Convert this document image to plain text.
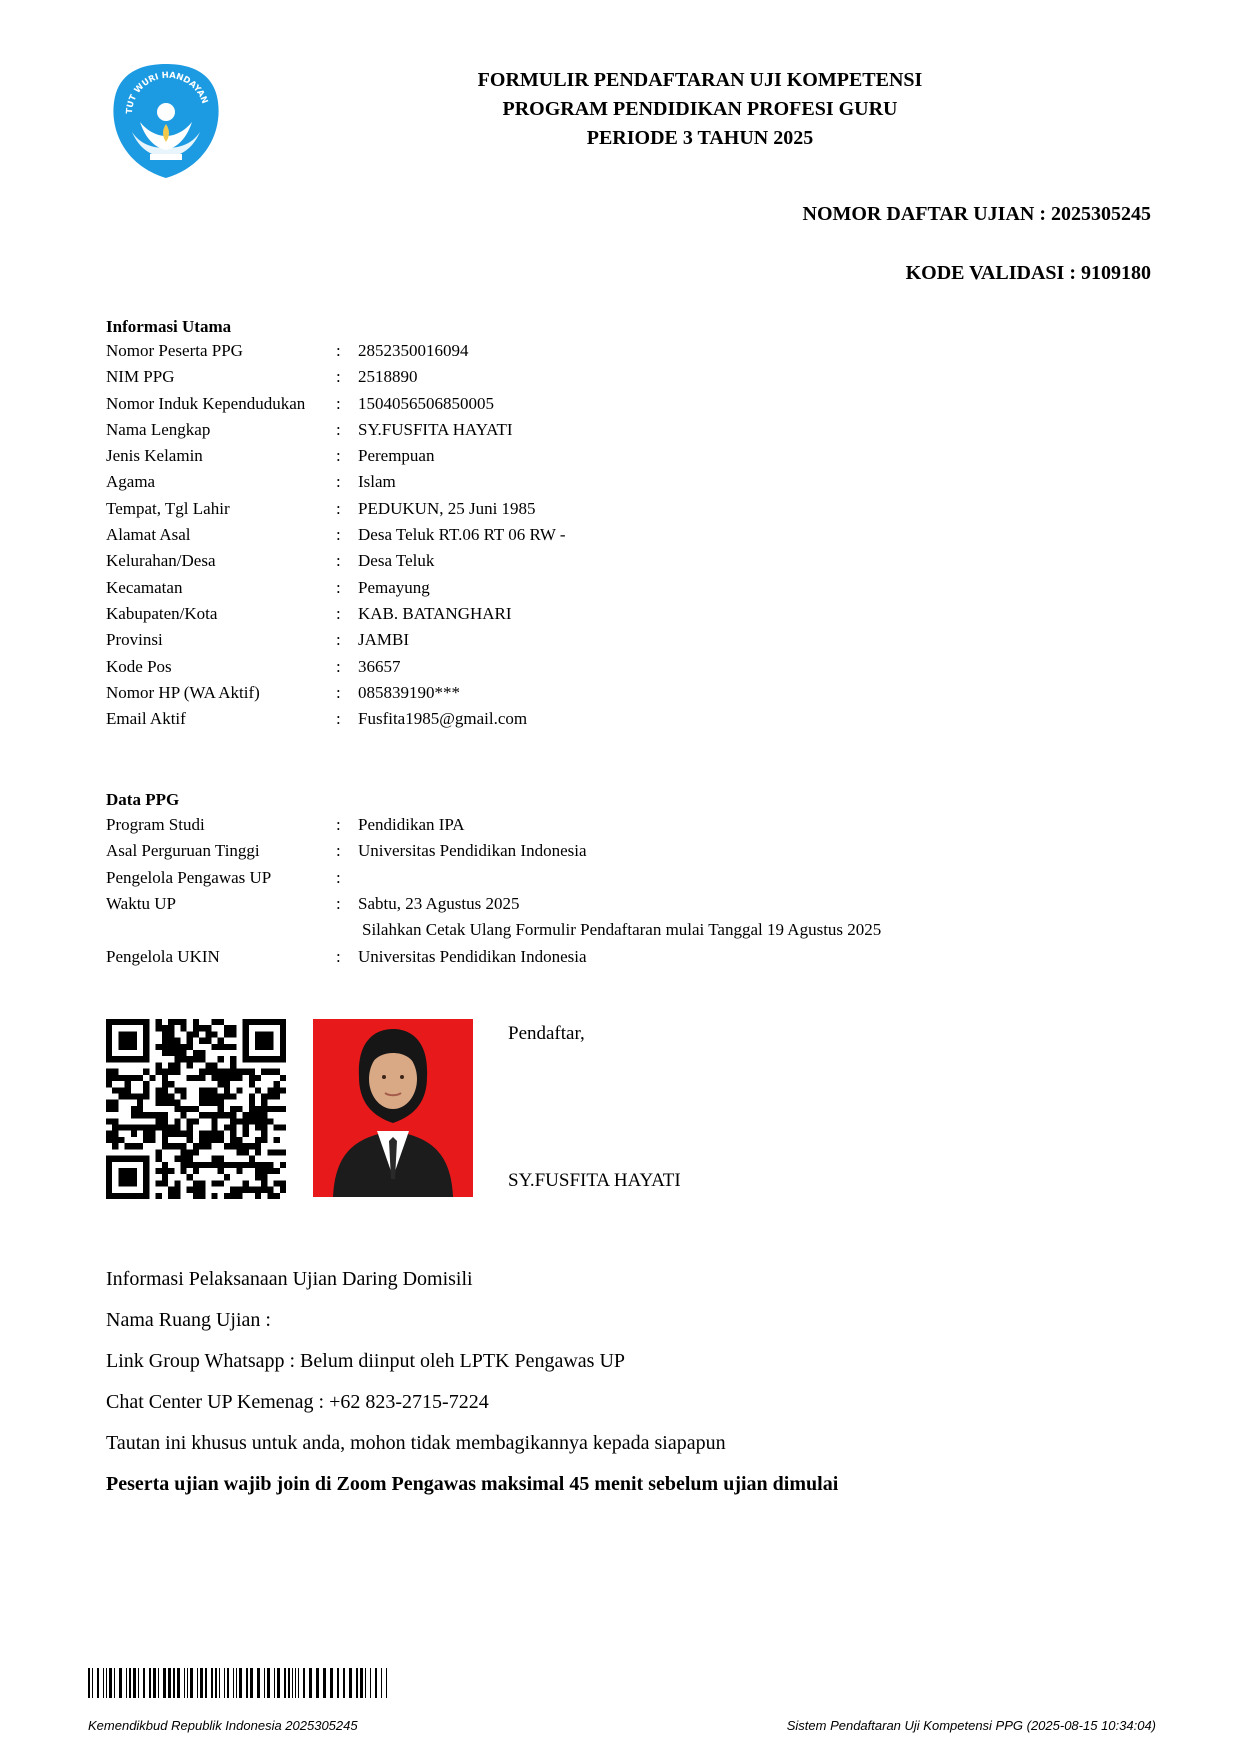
TUT WURI HANDAYAN
FORMULIR PENDAFTARAN UJI KOMPETENSI
PROGRAM PENDIDIKAN PROFESI GURU
PERIODE 3 TAHUN 2025
NOMOR DAFTAR UJIAN : 2025305245
KODE VALIDASI : 9109180
Informasi Utama
Nomor Peserta PPG	: 2852350016094
NIM PPG	: 2518890
Nomor Induk Kependudukan : 1504056506850005
Nama Lengkap	: SY.FUSFITA HAYATI
Jenis Kelamin	: Perempuan
Agama	: Islam
Tempat, Tgl Lahir	: PEDUKUN, 25 Juni 1985
Alamat Asal	: Desa Teluk RT.06 RT 06 RW -
Kelurahan/Desa	: Desa Teluk
Kecamatan	: Pemayung
Kabupaten/Kota	: KAB. BATANGHARI
Provinsi	: JAMBI
Kode Pos	: 36657
Nomor HP (WA Aktif)	: 085839190***
Email Aktif	: Fusfita1985@gmail.com
Data PPG
Program Studi	: Pendidikan IPA
Asal Perguruan Tinggi	: Universitas Pendidikan Indonesia
Pengelola Pengawas UP	:
Waktu UP	: Sabtu, 23 Agustus 2025
Silahkan Cetak Ulang Formulir Pendaftaran mulai Tanggal 19 Agustus 2025
Pengelola UKIN	: Universitas Pendidikan Indonesia
Pendaftar,
SY.FUSFITA HAYATI
Informasi Pelaksanaan Ujian Daring Domisili
Nama Ruang Ujian :
Link Group Whatsapp : Belum diinput oleh LPTK Pengawas UP
Chat Center UP Kemenag : +62 823-2715-7224
Tautan ini khusus untuk anda, mohon tidak membagikannya kepada siapapun
Peserta ujian wajib join di Zoom Pengawas maksimal 45 menit sebelum ujian dimulai
Kemendikbud Republik Indonesia 2025305245	Sistem Pendaftaran Uji Kompetensi PPG (2025-08-15 10:34:04)
